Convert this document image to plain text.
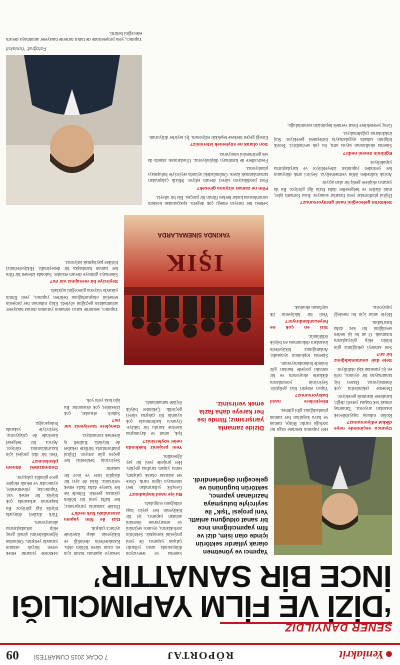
Yeniakrit
RÖPORTAJ
7 OCAK 2015 CUMARTESİ
09
ŞENER DANYILDIZ
‘DİZİ VE FİLM YAPIMCILIĞI
İNCE BİR SANATTIR’
Yapımcı ve yönetmen olarak yıllardır sektörün içinde olan isim, dizi ve film yapımcılığının ince bir sanat olduğunu anlattı. Yeni projesi "Işık" ile seyirciyle buluşmaya hazırlanan yapımcı, sektörün bugününü ve geleceğini değerlendirdi.

Sinema ve televizyon dünyasında uzun yıllardır çalışan yapımcı ile yeni projesini konuştuk. Sektörün zorluklarını, oyuncu seçimini ve senaryonun önemini anlatan yapımcı, iyi bir hikâyenin her şeyin başı olduğunu vurguladı.

Bu işe nasıl başladınız?

Gençlik yıllarımdan beri sinemaya ilgim vardı. Önce set asistanı olarak çalıştım, sonra yapım tarafına geçtim. Her projede yeni bir şey öğrendim.

Yeni projeniz hakkında neler söylersiniz?

Işık, umut ve dayanışma üzerine kurulu bir hikâye. Oyuncu kadromuzla çok uyumlu bir çalışma süreci geçirdik. Çekimler büyük ölçüde tamamlandı.

Senaryo aşaması bizim için en uzun süren bölüm oldu. Karakterlerin derinliği ve hikâyenin akışı üzerinde aylarca çalıştık.

Dizi ile film yapımı arasındaki fark nedir?

Dizide zamanla yarışırsınız; her hafta yeni bir bölüm çıkması gerekir. Filmde ise her kareye daha fazla emek verirsiniz. İkisi de ayrı bir disiplin ister ve ince bir sanattır.

Seyircinin beklentisi her geçen gün artıyor. Dijital platformlarla birlikte rekabet de büyüdü. Kaliteli iş üretmek zorundayız.

Gençlere tavsiyeniz var mı?

Sabırlı olsunlar, çok izlesinler, çok okusunlar. Bu işin kısa yolu yok.

Sektörde yıllardır emek veren birçok ustanın yanında yetiştim. Onlardan öğrendiklerimi şimdi genç ekip arkadaşlarıma aktarıyorum.

Türk dizileri dünyada büyük ilgi görüyor. Bu başarının arkasında çok büyük bir emek var. Yapımcılar, yönetmenler, oyuncular ve teknik ekipler gece gündüz çalışıyor.

Önümüzdeki dönem planlarınız?

Yeni bir dizi projesi için hazırlıklarımız sürüyor. Ayrıca bir belgesel üzerinde de çalışıyoruz. Seyirciyle yakında buluşacağız.

Oyuncu seçiminde neye dikkat ediyorsunuz?

Rolün ruhunu taşıyabilecek insanları arıyoruz. Tanınmış olmak tek başına yeterli değil; karaktere inanmak gerekiyor.

Deneme çekimlerini çok önemsiyoruz. Bazen hiç tanınmayan bir oyuncu, rolü en iyi yansıtan kişi olabiliyor.

Sete dair unutamadığınız bir an?

Son sahneyi çektiğimiz gün bütün ekip gözyaşlarını tutamadı. O an bu işi neden sevdiğimi bir kez daha hatırladım.

Böyle anlar için bu mesleği yapıyoruz.

Her yapımın kendine özgü bir zorluğu vardır. Bütçe, zaman ve hava koşulları her zaman planladığınız gibi gitmez.

Eleştirilere nasıl bakıyorsunuz?

Yapıcı eleştiri bizi geliştirir. Seyircinin yorumlarını dikkatle okuyorum ve bir sonraki projede bunları göz önünde bulunduruyorum.

Sinema toplumun aynasıdır. Anlattığımız hikâyelerin insanlara dokunması en büyük ödülümüz.

Sizi en çok ne heyecanlandırıyor?

Yeni bir hikâyenin ilk sayfasını okumak.

Dizide zamanla yarışırsınız; filmde ise her kareye daha fazla emek verirsiniz.
IŞIK
YAKINDA SİNEMALARDA

Yapımcı, sektörde kalıcı olmanın yolunun dürüst hikâyeler anlatmaktan geçtiğini söyledi. Ekip ruhunun her projenin temelini oluşturduğunu belirten yapımcı, yeni filmin yakında vizyona gireceğini açıkladı.

Seyirciye bir mesajınız var mı?

Sinemaya gitmeye devam etsinler. Salonda izlenen bir film her zaman bambaşka bir deneyimdir. Hikâyelerimizi birlikte paylaşmak istiyoruz.

Sektörün geleceğini nasıl görüyorsunuz?

Dijital platformlar yeni fırsatlar sunuyor. Kısa formatlı işler, mini diziler ve belgeseller daha fazla ilgi görüyor. Bu da yaratıcı ekiplere geniş bir alan açıyor.

Ancak kaliteden ödün vermemeliyiz. Seyirci artık dünyanın her yerinden yapımları izleyebiliyor ve karşılaştırma yapabiliyor.

Eğitimin önemi nedir?

Sinema okullarının sayısı arttı, bu çok sevindirici. Teorik bilginin sahada uygulamayla birleşmesi gerekiyor. Staj imkânlarını çoğaltmalıyız.

Genç yeteneklere fırsat vermek hepimizin sorumluluğu.

Setteki her bireyin emeği çok değerli. Işıkçısından kostüm sorumlusuna kadar herkes filmin bir parçası. Biz bir aileyiz.

Film ne zaman vizyona girecek?

Post prodüksiyon süreci devam ediyor. Müzik çalışmaları tamamlanmak üzere. Önümüzdeki aylarda seyirciyle buluşmayı planlıyoruz.

Festivallere de katılmayı düşünüyoruz. Uluslararası alanda da ses getirmesini umuyoruz.

Son olarak ne söylemek istersiniz?

Emeği geçen herkese teşekkür ediyorum. İyi seyirler diliyorum.

Fotoğraf: Yeniakrit

Yapımcı, yeni projelerinde de farklı türlerde hikâyeler anlatmaya devam edeceğini belirtti.
